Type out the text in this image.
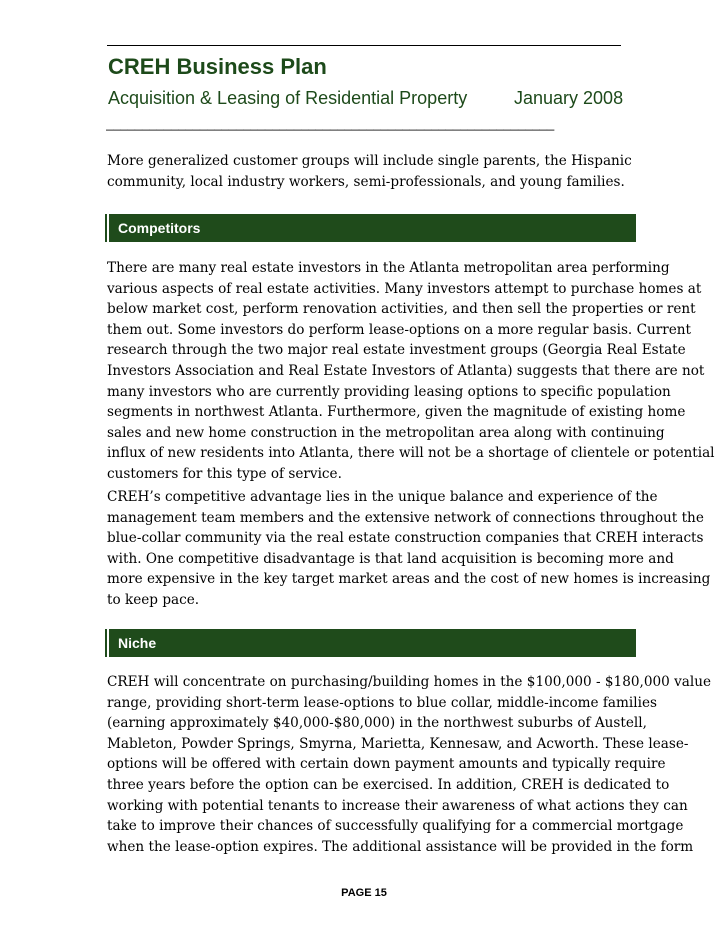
CREH Business Plan
Acquisition & Leasing of Residential Property	January 2008
______________________________________________________________
More generalized customer groups will include single parents, the Hispanic
community, local industry workers, semi-professionals, and young families.
Competitors
There are many real estate investors in the Atlanta metropolitan area performing
various aspects of real estate activities. Many investors attempt to purchase homes at
below market cost, perform renovation activities, and then sell the properties or rent
them out. Some investors do perform lease-options on a more regular basis. Current
research through the two major real estate investment groups (Georgia Real Estate
Investors Association and Real Estate Investors of Atlanta) suggests that there are not
many investors who are currently providing leasing options to specific population
segments in northwest Atlanta. Furthermore, given the magnitude of existing home
sales and new home construction in the metropolitan area along with continuing
influx of new residents into Atlanta, there will not be a shortage of clientele or potential
customers for this type of service.
CREH’s competitive advantage lies in the unique balance and experience of the
management team members and the extensive network of connections throughout the
blue-collar community via the real estate construction companies that CREH interacts
with. One competitive disadvantage is that land acquisition is becoming more and
more expensive in the key target market areas and the cost of new homes is increasing
to keep pace.
Niche
CREH will concentrate on purchasing/building homes in the $100,000 - $180,000 value
range, providing short-term lease-options to blue collar, middle-income families
(earning approximately $40,000-$80,000) in the northwest suburbs of Austell,
Mableton, Powder Springs, Smyrna, Marietta, Kennesaw, and Acworth. These lease-
options will be offered with certain down payment amounts and typically require
three years before the option can be exercised. In addition, CREH is dedicated to
working with potential tenants to increase their awareness of what actions they can
take to improve their chances of successfully qualifying for a commercial mortgage
when the lease-option expires. The additional assistance will be provided in the form
PAGE 15
